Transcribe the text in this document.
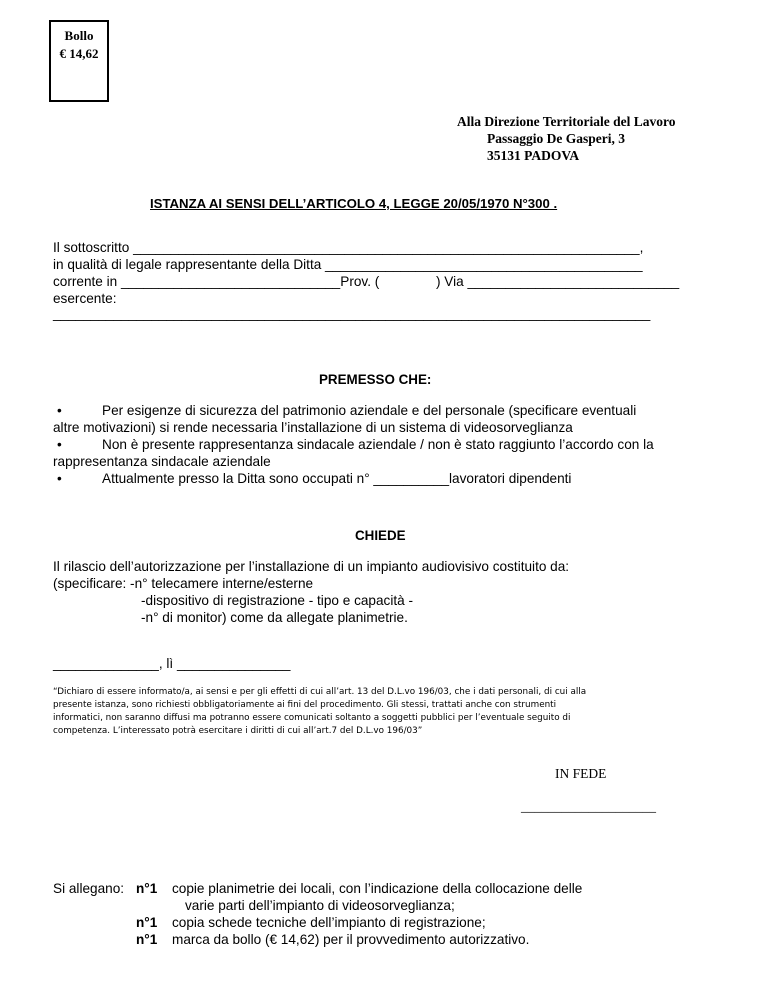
Bollo
€ 14,62
Alla Direzione Territoriale del Lavoro
Passaggio De Gasperi, 3
35131 PADOVA
ISTANZA AI SENSI DELL’ARTICOLO 4, LEGGE 20/05/1970 N°300 .
Il sottoscritto ___________________________________________________________________,
in qualità di legale rappresentante della Ditta __________________________________________
corrente in _____________________________Prov. (	) Via ____________________________
esercente:
_______________________________________________________________________________
PREMESSO CHE:
•	Per esigenze di sicurezza del patrimonio aziendale e del personale (specificare eventuali
altre motivazioni) si rende necessaria l’installazione di un sistema di videosorveglianza
•	Non è presente rappresentanza sindacale aziendale / non è stato raggiunto l’accordo con la
rappresentanza sindacale aziendale
•	Attualmente presso la Ditta sono occupati n° __________lavoratori dipendenti
CHIEDE
Il rilascio dell’autorizzazione per l’installazione di un impianto audiovisivo costituito da:
(specificare: -n° telecamere interne/esterne
-dispositivo di registrazione - tipo e capacità -
-n° di monitor) come da allegate planimetrie.
______________, lì _______________
“Dichiaro di essere informato/a, ai sensi e per gli effetti di cui all’art. 13 del D.L.vo 196/03, che i dati personali, di cui alla
presente istanza, sono richiesti obbligatoriamente ai fini del procedimento. Gli stessi, trattati anche con strumenti
informatici, non saranno diffusi ma potranno essere comunicati soltanto a soggetti pubblici per l’eventuale seguito di
competenza. L’interessato potrà esercitare i diritti di cui all’art.7 del D.L.vo 196/03”
IN FEDE
____________________
Si allegano: n°1 copie planimetrie dei locali, con l’indicazione della collocazione delle
varie parti dell’impianto di videosorveglianza;
n°1 copia schede tecniche dell’impianto di registrazione;
n°1 marca da bollo (€ 14,62) per il provvedimento autorizzativo.
